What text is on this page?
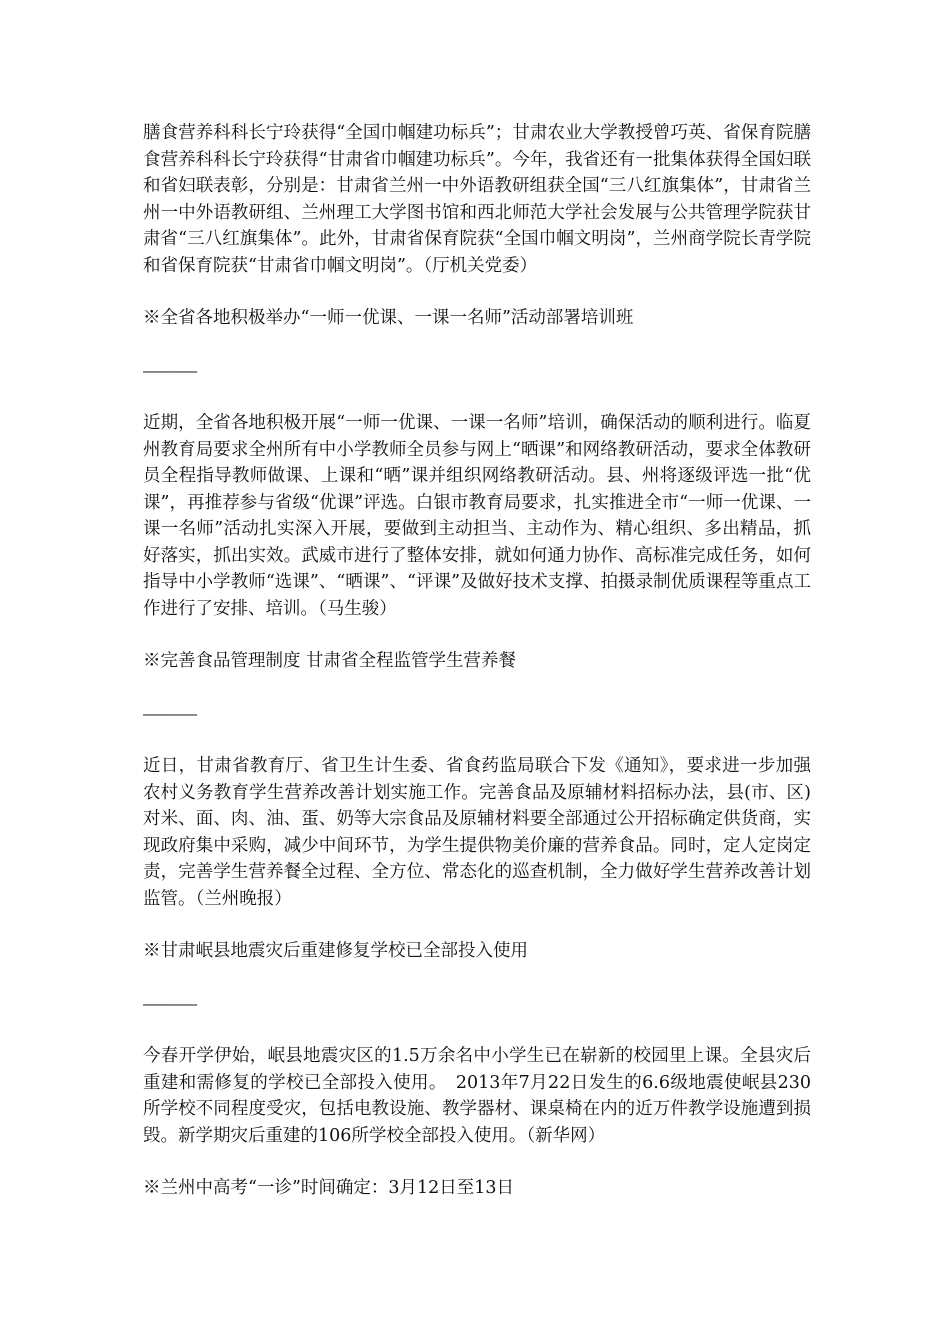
膳食营养科科长宁玲获得“全国巾帼建功标兵”；甘肃农业大学教授曾巧英、省保育院膳食营养科科长宁玲获得“甘肃省巾帼建功标兵”。今年，我省还有一批集体获得全国妇联和省妇联表彰，分别是：甘肃省兰州一中外语教研组获全国“三八红旗集体”，甘肃省兰州一中外语教研组、兰州理工大学图书馆和西北师范大学社会发展与公共管理学院获甘肃省“三八红旗集体”。此外，甘肃省保育院获“全国巾帼文明岗”，兰州商学院长青学院和省保育院获“甘肃省巾帼文明岗”。（厅机关党委）

※全省各地积极举办“一师一优课、一课一名师”活动部署培训班

——————

近期，全省各地积极开展“一师一优课、一课一名师”培训，确保活动的顺利进行。临夏州教育局要求全州所有中小学教师全员参与网上“晒课”和网络教研活动，要求全体教研员全程指导教师做课、上课和“晒”课并组织网络教研活动。县、州将逐级评选一批“优课”，再推荐参与省级“优课”评选。白银市教育局要求，扎实推进全市“一师一优课、一课一名师”活动扎实深入开展，要做到主动担当、主动作为、精心组织、多出精品，抓好落实，抓出实效。武威市进行了整体安排，就如何通力协作、高标准完成任务，如何指导中小学教师“选课”、“晒课”、“评课”及做好技术支撑、拍摄录制优质课程等重点工作进行了安排、培训。（马生骏）

※完善食品管理制度 甘肃省全程监管学生营养餐

——————

近日，甘肃省教育厅、省卫生计生委、省食药监局联合下发《通知》，要求进一步加强农村义务教育学生营养改善计划实施工作。完善食品及原辅材料招标办法，县(市、区)对米、面、肉、油、蛋、奶等大宗食品及原辅材料要全部通过公开招标确定供货商，实现政府集中采购，减少中间环节，为学生提供物美价廉的营养食品。同时，定人定岗定责，完善学生营养餐全过程、全方位、常态化的巡查机制，全力做好学生营养改善计划监管。（兰州晚报）

※甘肃岷县地震灾后重建修复学校已全部投入使用

——————

今春开学伊始，岷县地震灾区的1.5万余名中小学生已在崭新的校园里上课。全县灾后重建和需修复的学校已全部投入使用。　2013年7月22日发生的6.6级地震使岷县230所学校不同程度受灾，包括电教设施、教学器材、课桌椅在内的近万件教学设施遭到损毁。新学期灾后重建的106所学校全部投入使用。（新华网）

※兰州中高考“一诊”时间确定：3月12日至13日
